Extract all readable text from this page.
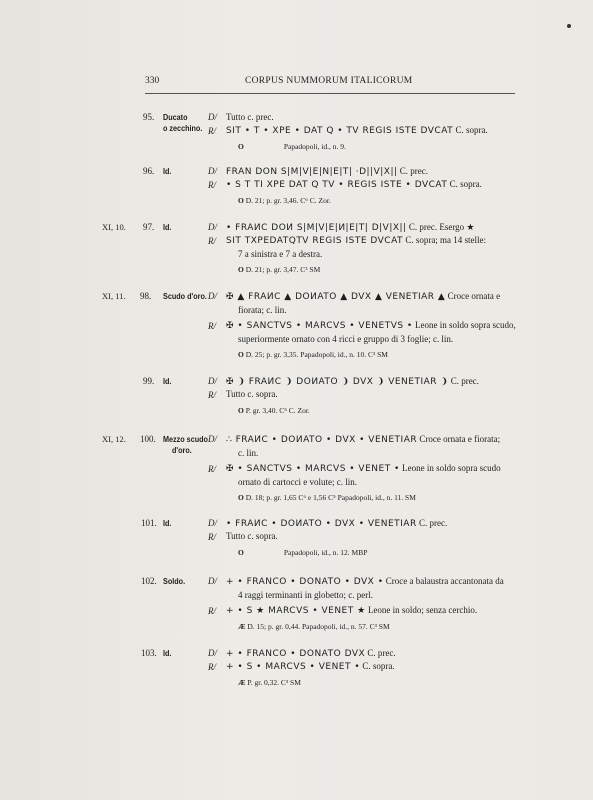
330	CORPUS NUMMORUM ITALICORUM
95.	Ducato
o zecchino.
D/ Tutto c. prec.
R/ SIT • T • XPE • DAT Q • TV REGIS ISTE DVCAT C. sopra.
O	Papadopoli, id., n. 9.
96.	Id.	D/ FRAN DON S|M|V|E|N|E|T| ·D||V|X|| C. prec.
R/ • S T TI XPE DAT Q TV • REGIS ISTE • DVCAT C. sopra.
O D. 21; p. gr. 3,46. C⁶ C. Zor.
XI, 10.	97.	Id.	D/ • FRAИC DOИ S|M|V|E|И|E|T| D|V|X|| C. prec. Esergo ★
R/ SIT TXPEDATQTV REGIS ISTE DVCAT C. sopra; ma 14 stelle:
7 a sinistra e 7 a destra.
O D. 21; p. gr. 3,47. C³ SM
XI, 11.	98.	Scudo d'oro. D/ ✠ ▲ FRAИC ▲ DOИATO ▲ DVX ▲ VENETIAR ▲ Croce ornata e
fiorata; c. lin.
R/ ✠ • SANCTVS • MARCVS • VENETVS • Leone in soldo sopra scudo,
superiormente ornato con 4 ricci e gruppo di 3 foglie; c. lin.
O D. 25; p. gr. 3,35. Papadopoli, id., n. 10. C³ SM
99.	Id.	D/ ✠ ❩ FRAИC ❩ DOИATO ❩ DVX ❩ VENETIAR ❩ C. prec.
R/ Tutto c. sopra.
O P. gr. 3,40. C⁵ C. Zor.
XI, 12.	100. Mezzo scudo
d'oro.
D/ ∴ FRAИC • DOИATO • DVX • VENETIAR Croce ornata e fiorata;
c. lin.
R/ ✠ • SANCTVS • MARCVS • VENET • Leone in soldo sopra scudo
ornato di cartocci e volute; c. lin.
O D. 18; p. gr. 1,65 C⁶ e 1,56 C⁵ Papadopoli, id., n. 11. SM
101. Id.	D/ • FRAИC • DOИATO • DVX • VENETIAR C. prec.
R/ Tutto c. sopra.
O	Papadopoli, id., n. 12. MBP
102. Soldo.	D/ + • FRANCO • DONATO • DVX • Croce a balaustra accantonata da
4 raggi terminanti in globetto; c. perl.
R/ + • S ★ MARCVS • VENET ★ Leone in soldo; senza cerchio.
Æ D. 15; p. gr. 0,44. Papadopoli, id., n. 57. C³ SM
103. Id.	D/ + • FRANCO • DONATO DVX C. prec.
R/ + • S • MARCVS • VENET • C. sopra.
Æ P. gr. 0,32. C³ SM
